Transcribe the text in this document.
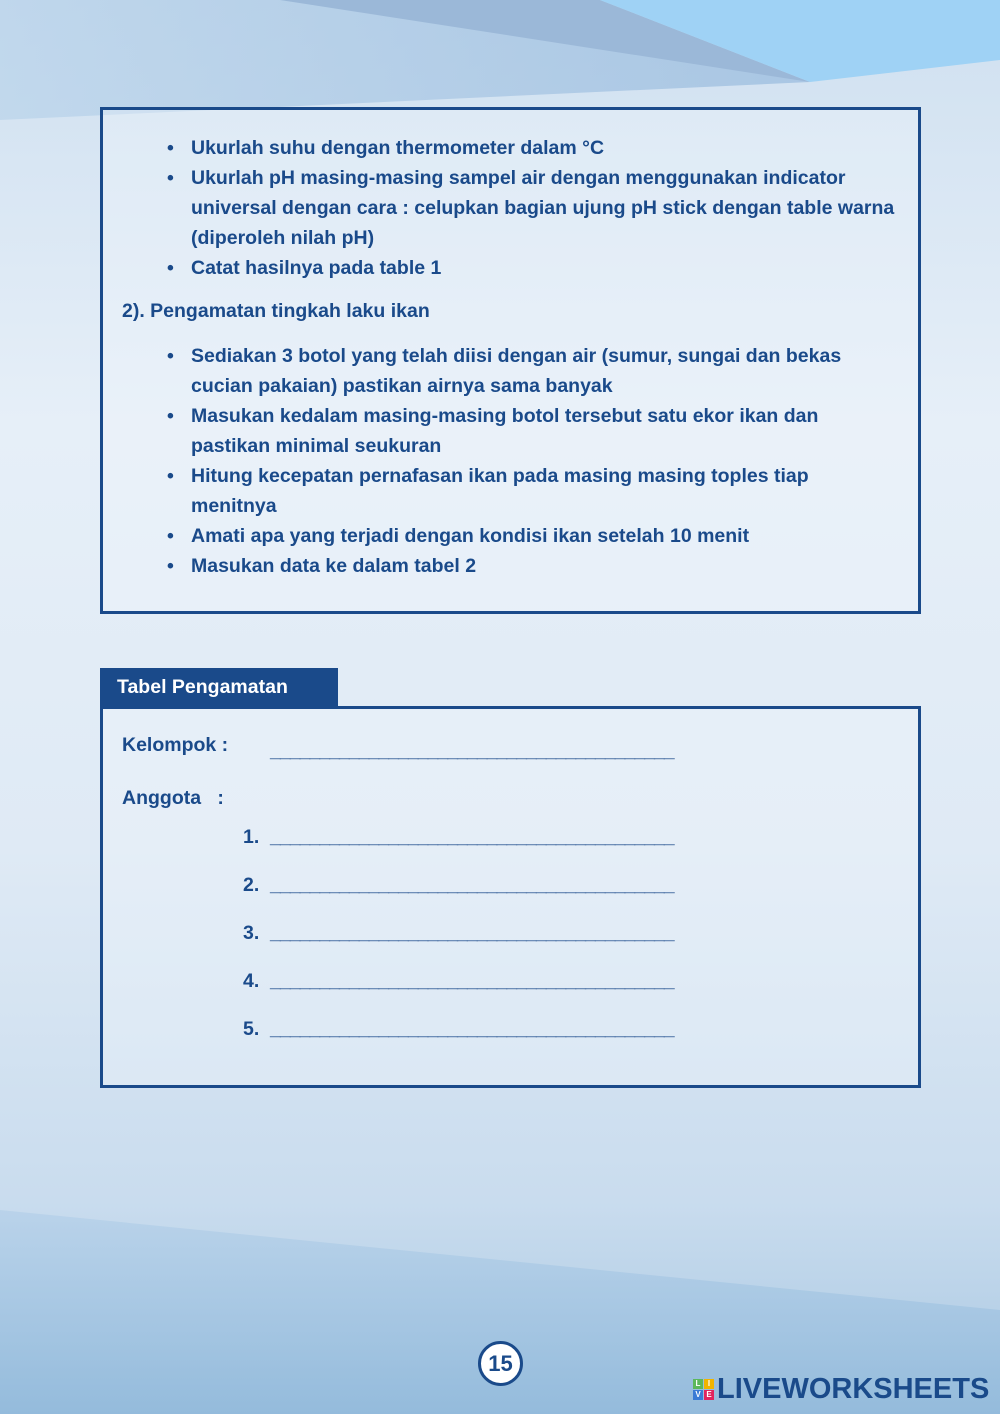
• Ukurlah suhu dengan thermometer dalam °C
• Ukurlah pH masing-masing sampel air dengan menggunakan indicator universal dengan cara : celupkan bagian ujung pH stick dengan table warna (diperoleh nilah pH)
• Catat hasilnya pada table 1
• Sediakan 3 botol yang telah diisi dengan air (sumur, sungai dan bekas cucian pakaian) pastikan airnya sama banyak
• Masukan kedalam masing-masing botol tersebut satu ekor ikan dan pastikan minimal seukuran
• Hitung kecepatan pernafasan ikan pada masing masing toples tiap menitnya
• Amati apa yang terjadi dengan kondisi ikan setelah 10 menit
• Masukan data ke dalam tabel 2
2). Pengamatan tingkah laku ikan
Tabel Pengamatan
Kelompok : _________________________________________
Anggota   :
1. _________________________________________
2. _________________________________________
3. _________________________________________
4. _________________________________________
5. _________________________________________
15
L I
V E LIVEWORKSHEETS
